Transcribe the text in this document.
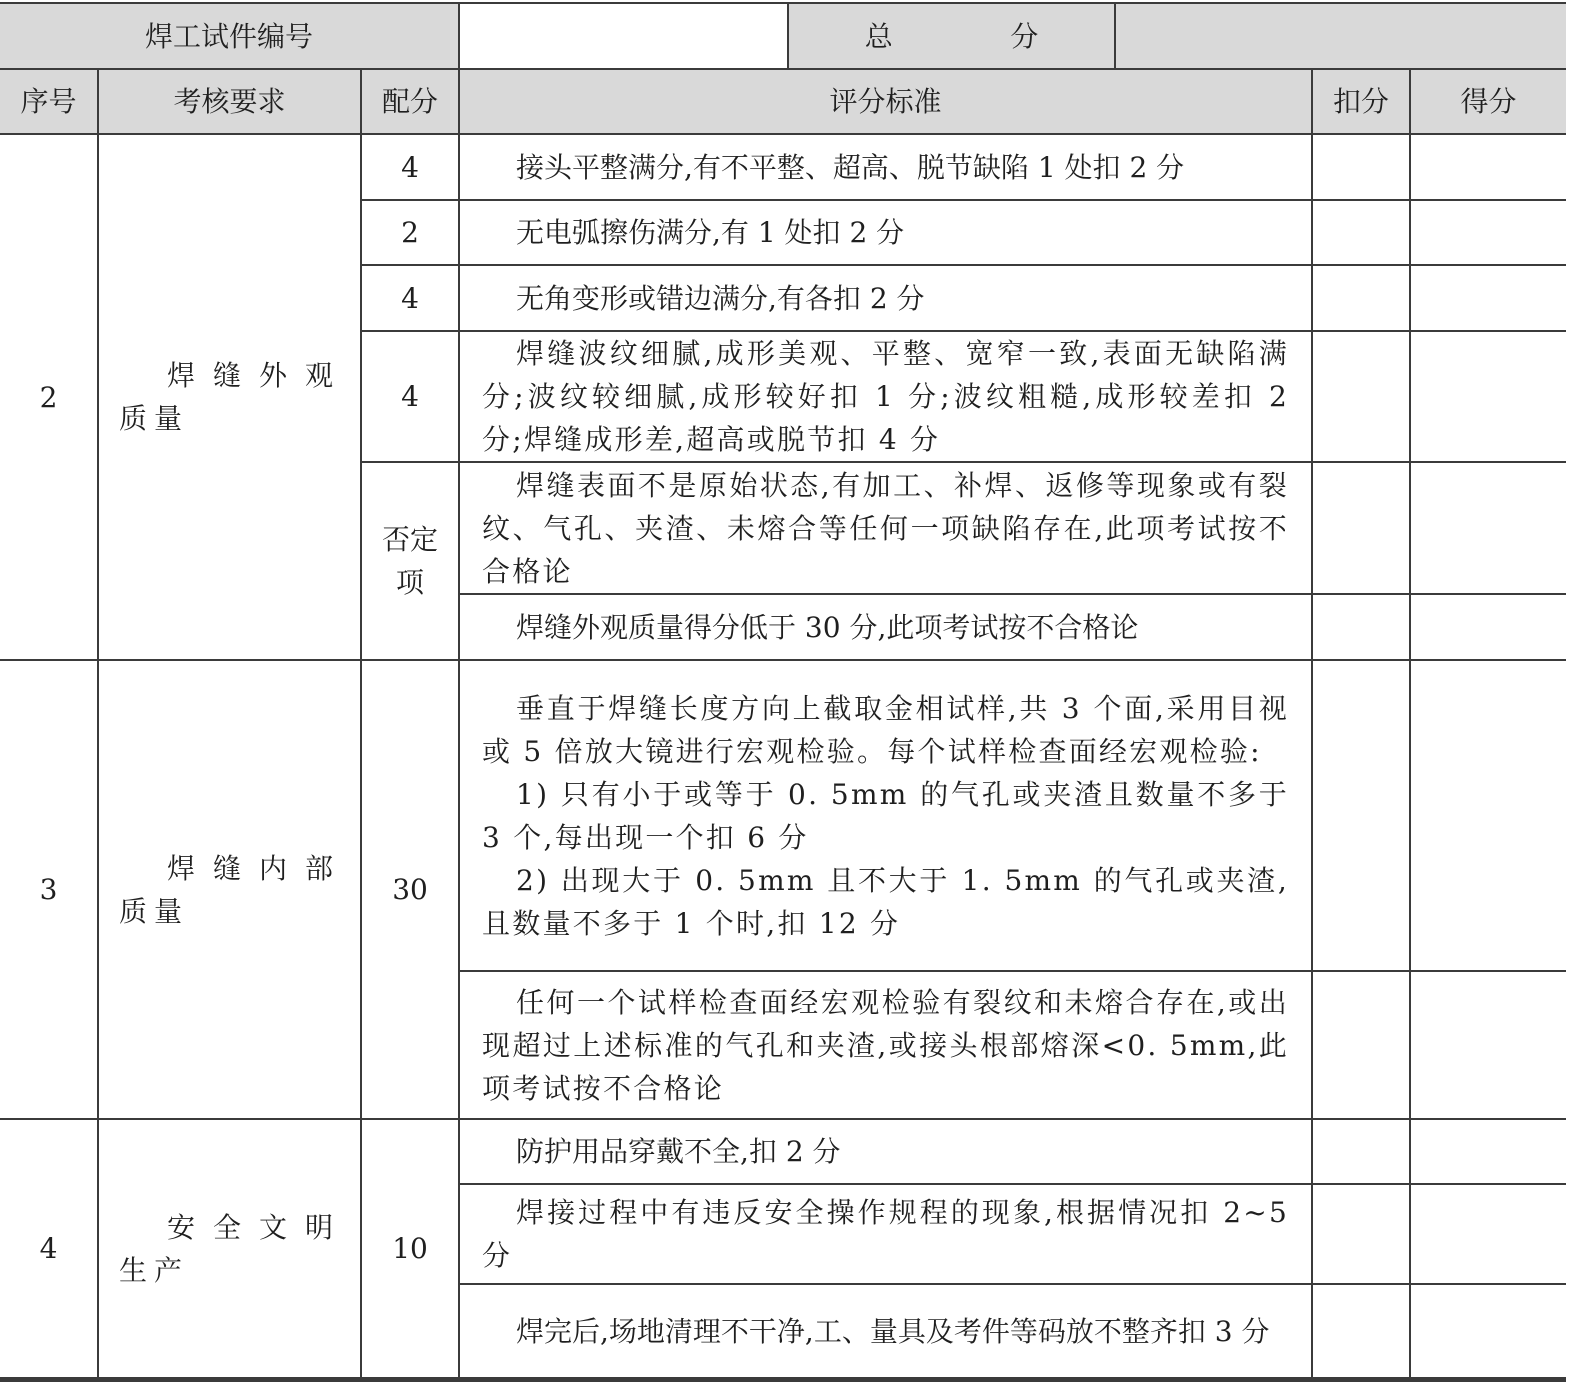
焊工试件编号				总　分			
序号	考核要求	配分	评分标准			扣分	得分
2	焊缝外观质量	4	接头平整满分,有不平整、超高、脱节缺陷 1 处扣 2 分				
		2	无电弧擦伤满分,有 1 处扣 2 分				
		4	无角变形或错边满分,有各扣 2 分				
		4	焊缝波纹细腻,成形美观、平整、宽窄一致,表面无缺陷满分;波纹较细腻,成形较好扣 1 分;波纹粗糙,成形较差扣 2 分;焊缝成形差,超高或脱节扣 4 分				
		否定项	焊缝表面不是原始状态,有加工、补焊、返修等现象或有裂纹、气孔、夹渣、未熔合等任何一项缺陷存在,此项考试按不合格论				
			焊缝外观质量得分低于 30 分,此项考试按不合格论				
3	焊缝内部质量	30	垂直于焊缝长度方向上截取金相试样,共 3 个面,采用目视或 5 倍放大镜进行宏观检验。每个试样检查面经宏观检验:

1) 只有小于或等于 0. 5mm 的气孔或夹渣且数量不多于 3 个,每出现一个扣 6 分

2) 出现大于 0. 5mm 且不大于 1. 5mm 的气孔或夹渣,且数量不多于 1 个时,扣 12 分				

			任何一个试样检查面经宏观检验有裂纹和未熔合存在,或出现超过上述标准的气孔和夹渣,或接头根部熔深<0. 5mm,此项考试按不合格论				
4	安全文明生产	10	防护用品穿戴不全,扣 2 分				
			焊接过程中有违反安全操作规程的现象,根据情况扣 2~5 分				
			焊完后,场地清理不干净,工、量具及考件等码放不整齐扣 3 分				
